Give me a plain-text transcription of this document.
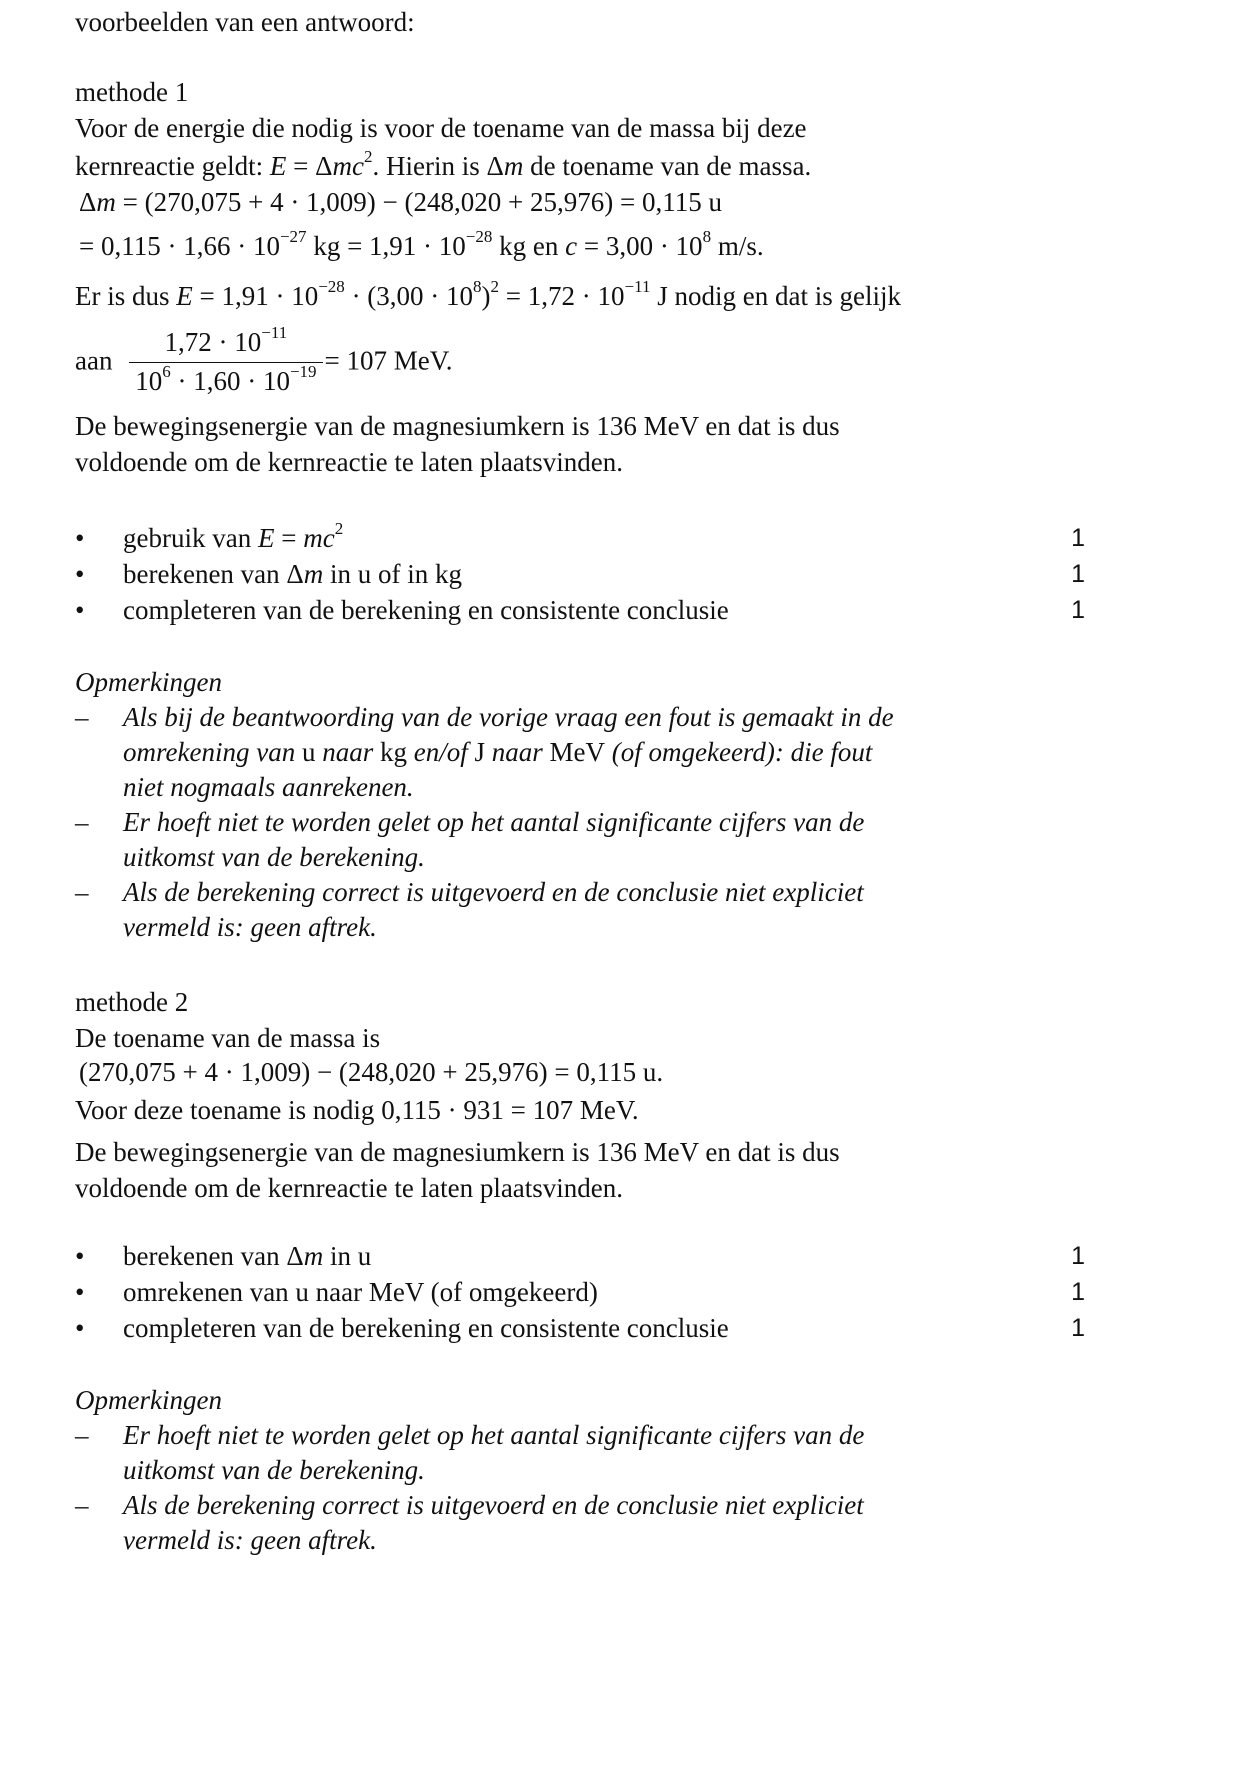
voorbeelden van een antwoord:

methode 1

Voor de energie die nodig is voor de toename van de massa bij deze

kernreactie geldt: E = Δmc$^2$. Hierin is Δm de toename van de massa.

Δm = (270,075 + 4 · 1,009) − (248,020 + 25,976) = 0,115 u

= $0,115 \cdot 1,66 \cdot 10^{-27}$ kg = $1,91 \cdot 10^{-28}$ kg en $c = 3,00 \cdot 10^8$ m/s.

Er is dus $E = 1,91 \cdot 10^{-28} \cdot (3,00 \cdot 10^8)^2 = 1,72 \cdot 10^{-11}$ J nodig en dat is gelijk

aan $\frac{1,72 \cdot 10^{-11}}{10^6 \cdot 1,60 \cdot 10^{-19}} = 107$ MeV.

De bewegingsenergie van de magnesiumkern is 136 MeV en dat is dus

voldoende om de kernreactie te laten plaatsvinden.

• gebruik van $E = mc^2$	1
• berekenen van Δm in u of in kg	1
• completeren van de berekening en consistente conclusie	1

Opmerkingen

– Als bij de beantwoording van de vorige vraag een fout is gemaakt in de
omrekening van u naar kg en/of J naar MeV (of omgekeerd): die fout
niet nogmaals aanrekenen.
– Er hoeft niet te worden gelet op het aantal significante cijfers van de
uitkomst van de berekening.
– Als de berekening correct is uitgevoerd en de conclusie niet expliciet
vermeld is: geen aftrek.

methode 2

De toename van de massa is

(270,075 + 4 · 1,009) − (248,020 + 25,976) = 0,115 u.

Voor deze toename is nodig 0,115 · 931 = 107 MeV.

De bewegingsenergie van de magnesiumkern is 136 MeV en dat is dus

voldoende om de kernreactie te laten plaatsvinden.

• berekenen van Δm in u	1
• omrekenen van u naar MeV (of omgekeerd)	1
• completeren van de berekening en consistente conclusie	1

Opmerkingen

– Er hoeft niet te worden gelet op het aantal significante cijfers van de
uitkomst van de berekening.
– Als de berekening correct is uitgevoerd en de conclusie niet expliciet
vermeld is: geen aftrek.
